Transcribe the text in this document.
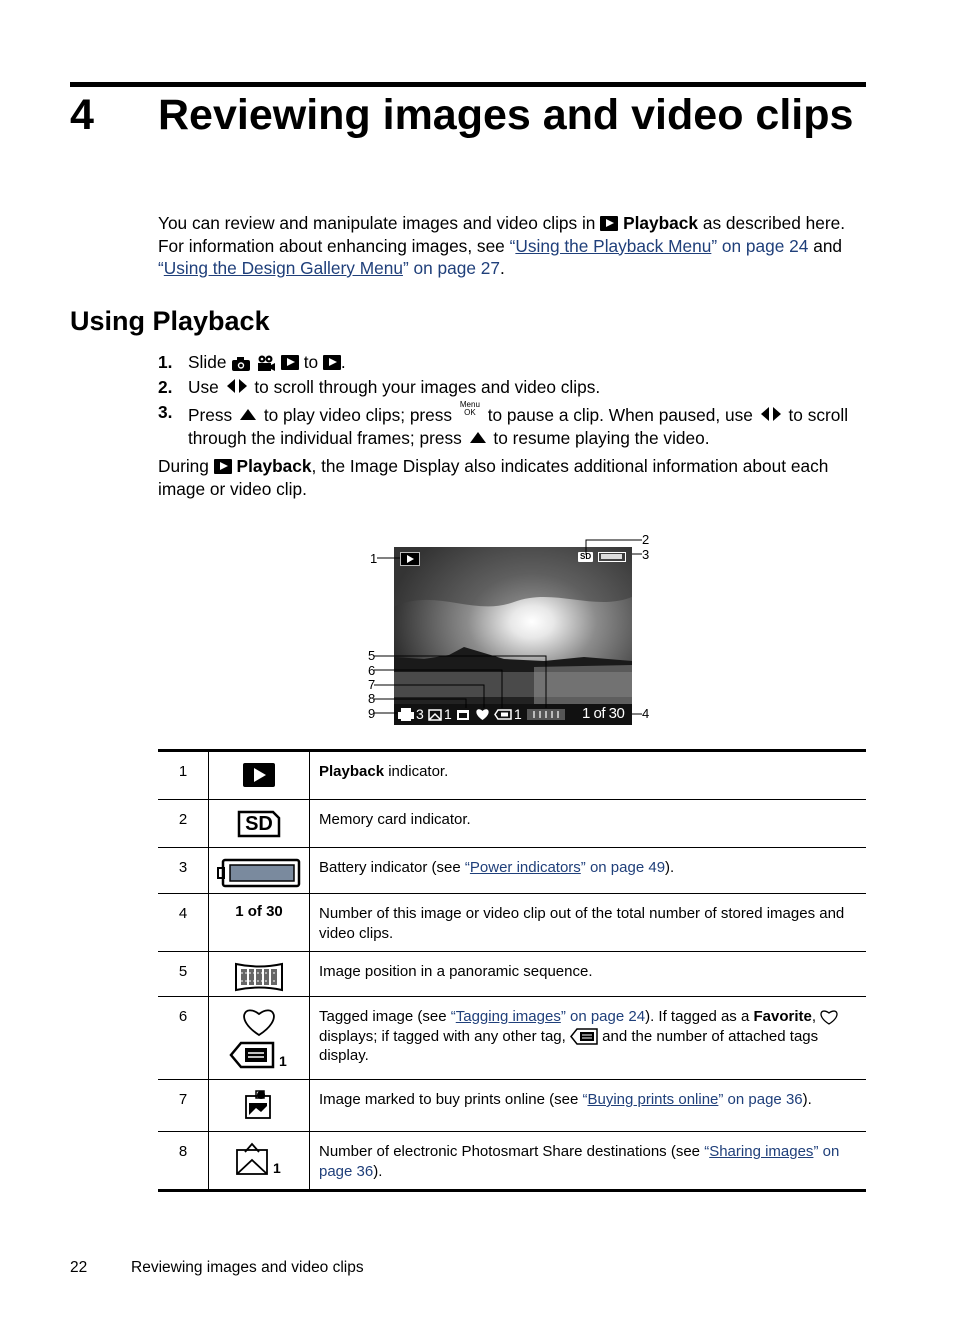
4 Reviewing images and video clips
You can review and manipulate images and video clips in Playback as described here. For information about enhancing images, see “Using the Playback Menu” on page 24 and “Using the Design Gallery Menu” on page 27.
Using Playback
1. Slide	to .
2. Use to scroll through your images and video clips.
3. Press to play video clips; press Menu
OK to pause a clip. When paused, use to scroll through the individual frames; press to resume playing the video.
During Playback, the Image Display also indicates additional information about each image or video clip.
SD
3 1	1	1 of 30
1
2
3
4
5
6
7
8
9
1		Playback indicator.
2	SD	Memory card indicator.
3		Battery indicator (see “Power indicators” on page 49).
4	1 of 30	Number of this image or video clip out of the total number of stored images and video clips.
5		Image position in a panoramic sequence.
6	1	Tagged image (see “Tagging images” on page 24). If tagged as a Favorite,  displays; if tagged with any other tag, and the number of attached tags display.
7		Image marked to buy prints online (see “Buying prints online” on page 36).
8	1	Number of electronic Photosmart Share destinations (see “Sharing images” on page 36).
22	Reviewing images and video clips
